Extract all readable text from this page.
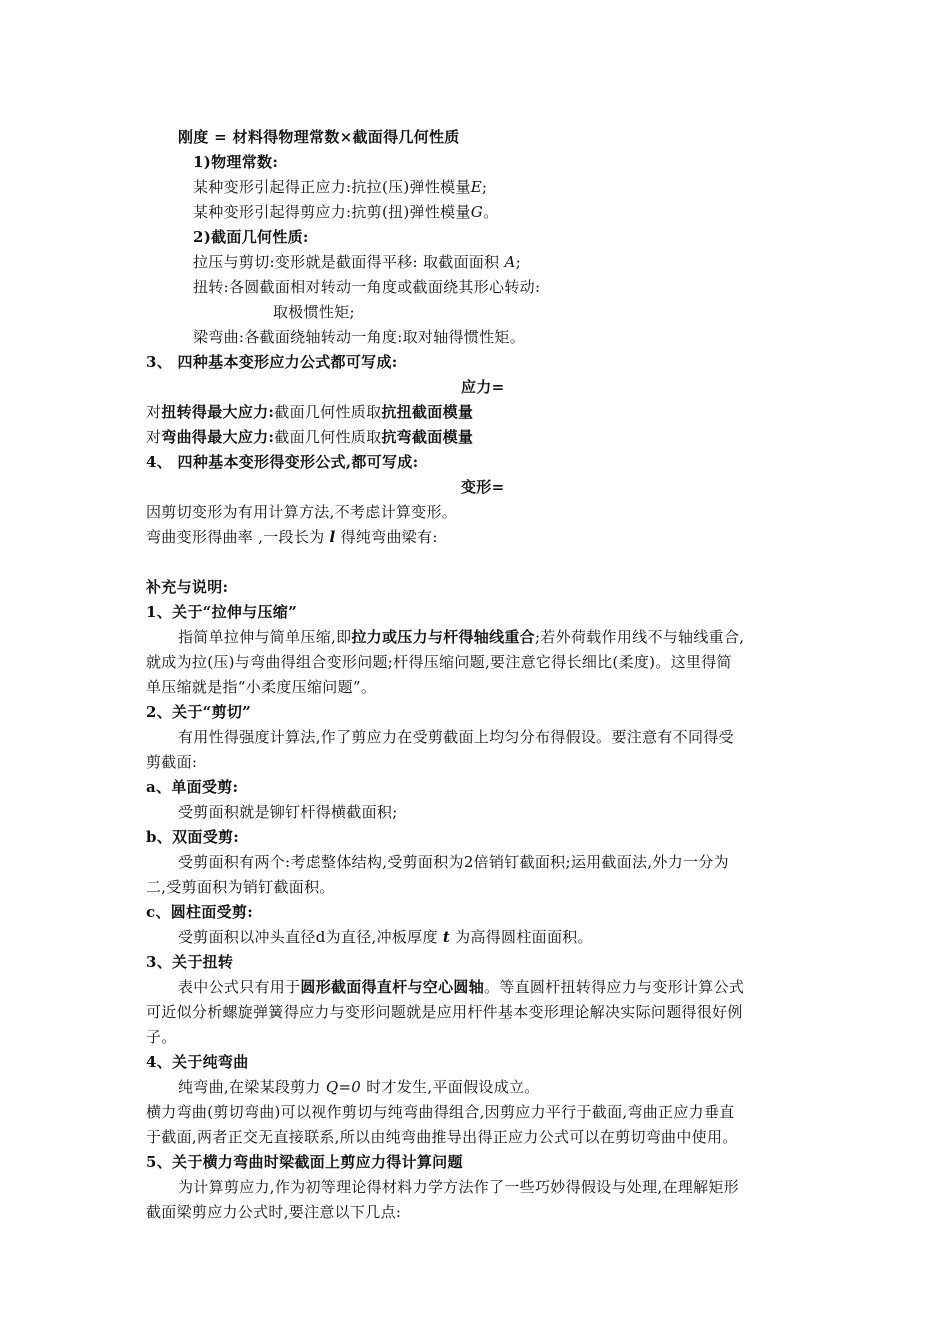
刚度 = 材料得物理常数×截面得几何性质
1)物理常数:
某种变形引起得正应力:抗拉(压)弹性模量E;
某种变形引起得剪应力:抗剪(扭)弹性模量G。
2)截面几何性质:
拉压与剪切:变形就是截面得平移: 取截面面积 A;
扭转:各圆截面相对转动一角度或截面绕其形心转动:
取极惯性矩;
梁弯曲:各截面绕轴转动一角度:取对轴得惯性矩。
3、 四种基本变形应力公式都可写成:
应力=
对扭转得最大应力:截面几何性质取抗扭截面模量
对弯曲得最大应力:截面几何性质取抗弯截面模量
4、 四种基本变形得变形公式,都可写成:
变形=
因剪切变形为有用计算方法,不考虑计算变形。
弯曲变形得曲率 ,一段长为 l 得纯弯曲梁有:
补充与说明:
1、关于“拉伸与压缩”
指简单拉伸与简单压缩,即拉力或压力与杆得轴线重合;若外荷载作用线不与轴线重合,
就成为拉(压)与弯曲得组合变形问题;杆得压缩问题,要注意它得长细比(柔度)。这里得简
单压缩就是指“小柔度压缩问题”。
2、关于“剪切”
有用性得强度计算法,作了剪应力在受剪截面上均匀分布得假设。要注意有不同得受
剪截面:
a、单面受剪:
受剪面积就是铆钉杆得横截面积;
b、双面受剪:
受剪面积有两个:考虑整体结构,受剪面积为2倍销钉截面积;运用截面法,外力一分为
二,受剪面积为销钉截面积。
c、圆柱面受剪:
受剪面积以冲头直径d为直径,冲板厚度 t 为高得圆柱面面积。
3、关于扭转
表中公式只有用于圆形截面得直杆与空心圆轴。等直圆杆扭转得应力与变形计算公式
可近似分析螺旋弹簧得应力与变形问题就是应用杆件基本变形理论解决实际问题得很好例
子。
4、关于纯弯曲
纯弯曲,在梁某段剪力 Q=0 时才发生,平面假设成立。
横力弯曲(剪切弯曲)可以视作剪切与纯弯曲得组合,因剪应力平行于截面,弯曲正应力垂直
于截面,两者正交无直接联系,所以由纯弯曲推导出得正应力公式可以在剪切弯曲中使用。
5、关于横力弯曲时梁截面上剪应力得计算问题
为计算剪应力,作为初等理论得材料力学方法作了一些巧妙得假设与处理,在理解矩形
截面梁剪应力公式时,要注意以下几点:
